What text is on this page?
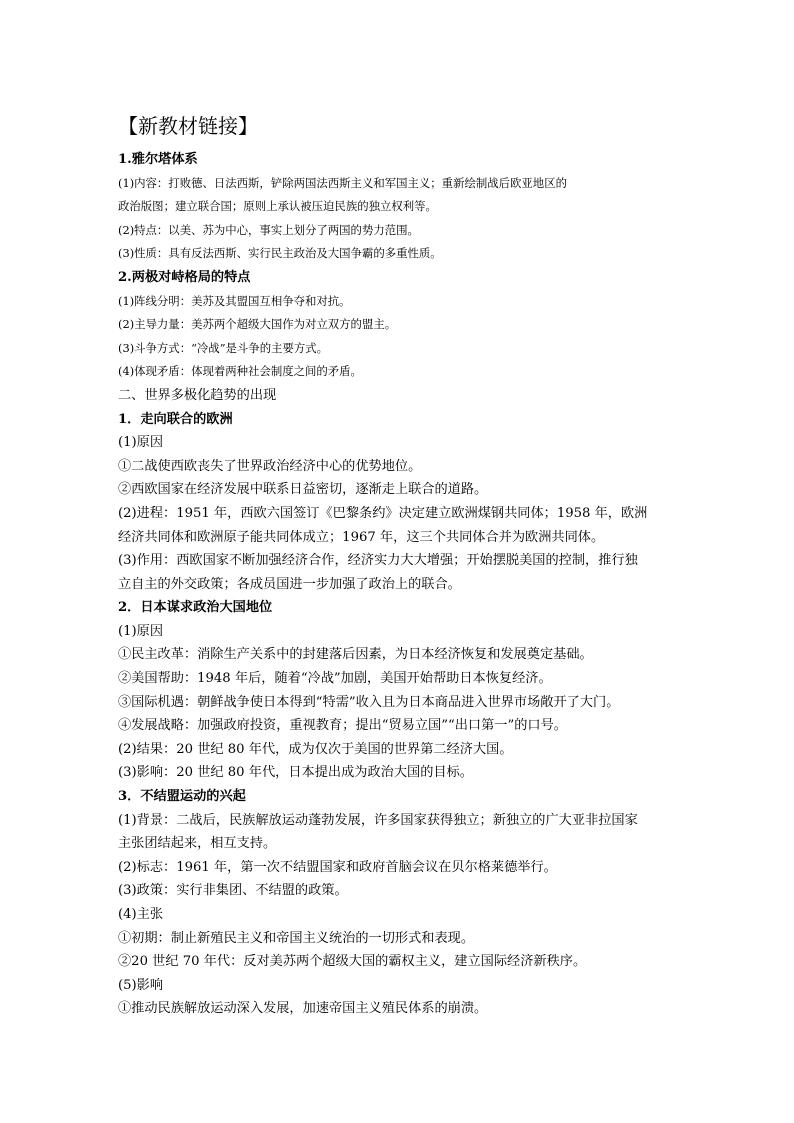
【新教材链接】
1.雅尔塔体系
(1)内容：打败德、日法西斯，铲除两国法西斯主义和军国主义；重新绘制战后欧亚地区的
政治版图；建立联合国；原则上承认被压迫民族的独立权利等。
(2)特点：以美、苏为中心，事实上划分了两国的势力范围。
(3)性质：具有反法西斯、实行民主政治及大国争霸的多重性质。
2.两极对峙格局的特点
(1)阵线分明：美苏及其盟国互相争夺和对抗。
(2)主导力量：美苏两个超级大国作为对立双方的盟主。
(3)斗争方式：“冷战”是斗争的主要方式。
(4)体现矛盾：体现着两种社会制度之间的矛盾。
二、世界多极化趋势的出现
1．走向联合的欧洲
(1)原因
①二战使西欧丧失了世界政治经济中心的优势地位。
②西欧国家在经济发展中联系日益密切，逐渐走上联合的道路。
(2)进程：1951 年，西欧六国签订《巴黎条约》决定建立欧洲煤钢共同体；1958 年，欧洲
经济共同体和欧洲原子能共同体成立；1967 年，这三个共同体合并为欧洲共同体。
(3)作用：西欧国家不断加强经济合作，经济实力大大增强；开始摆脱美国的控制，推行独
立自主的外交政策；各成员国进一步加强了政治上的联合。
2．日本谋求政治大国地位
(1)原因
①民主改革：消除生产关系中的封建落后因素，为日本经济恢复和发展奠定基础。
②美国帮助：1948 年后，随着“冷战”加剧，美国开始帮助日本恢复经济。
③国际机遇：朝鲜战争使日本得到“特需”收入且为日本商品进入世界市场敞开了大门。
④发展战略：加强政府投资，重视教育；提出“贸易立国”“出口第一”的口号。
(2)结果：20 世纪 80 年代，成为仅次于美国的世界第二经济大国。
(3)影响：20 世纪 80 年代，日本提出成为政治大国的目标。
3．不结盟运动的兴起
(1)背景：二战后，民族解放运动蓬勃发展，许多国家获得独立；新独立的广大亚非拉国家
主张团结起来，相互支持。
(2)标志：1961 年，第一次不结盟国家和政府首脑会议在贝尔格莱德举行。
(3)政策：实行非集团、不结盟的政策。
(4)主张
①初期：制止新殖民主义和帝国主义统治的一切形式和表现。
②20 世纪 70 年代：反对美苏两个超级大国的霸权主义，建立国际经济新秩序。
(5)影响
①推动民族解放运动深入发展，加速帝国主义殖民体系的崩溃。
